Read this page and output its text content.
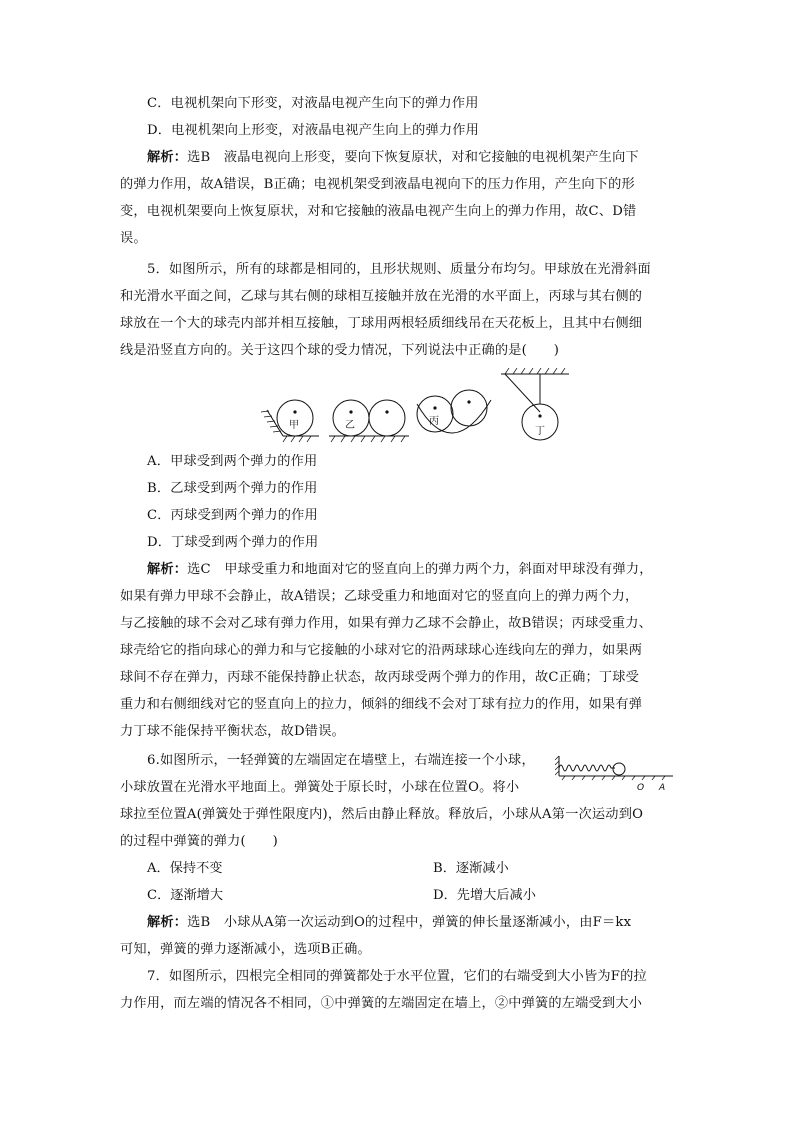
C．电视机架向下形变，对液晶电视产生向下的弹力作用
D．电视机架向上形变，对液晶电视产生向上的弹力作用
解析：选B　液晶电视向上形变，要向下恢复原状，对和它接触的电视机架产生向下
的弹力作用，故A错误，B正确；电视机架受到液晶电视向下的压力作用，产生向下的形
变，电视机架要向上恢复原状，对和它接触的液晶电视产生向上的弹力作用，故C、D错
误。
5．如图所示，所有的球都是相同的，且形状规则、质量分布均匀。甲球放在光滑斜面
和光滑水平面之间，乙球与其右侧的球相互接触并放在光滑的水平面上，丙球与其右侧的
球放在一个大的球壳内部并相互接触，丁球用两根轻质细线吊在天花板上，且其中右侧细
线是沿竖直方向的。关于这四个球的受力情况，下列说法中正确的是(　　)
甲	乙	丙
丁
A．甲球受到两个弹力的作用
B．乙球受到两个弹力的作用
C．丙球受到两个弹力的作用
D．丁球受到两个弹力的作用
解析：选C　甲球受重力和地面对它的竖直向上的弹力两个力，斜面对甲球没有弹力，
如果有弹力甲球不会静止，故A错误；乙球受重力和地面对它的竖直向上的弹力两个力，
与乙接触的球不会对乙球有弹力作用，如果有弹力乙球不会静止，故B错误；丙球受重力、
球壳给它的指向球心的弹力和与它接触的小球对它的沿两球球心连线向左的弹力，如果两
球间不存在弹力，丙球不能保持静止状态，故丙球受两个弹力的作用，故C正确；丁球受
重力和右侧细线对它的竖直向上的拉力，倾斜的细线不会对丁球有拉力的作用，如果有弹
力丁球不能保持平衡状态，故D错误。
6.如图所示，一轻弹簧的左端固定在墙壁上，右端连接一个小球，
小球放置在光滑水平地面上。弹簧处于原长时，小球在位置O。将小
球拉至位置A(弹簧处于弹性限度内)，然后由静止释放。释放后，小球从A第一次运动到O
的过程中弹簧的弹力(　　)
O A
A．保持不变	B．逐渐减小
C．逐渐增大	D．先增大后减小
解析：选B　小球从A第一次运动到O的过程中，弹簧的伸长量逐渐减小，由F＝kx
可知，弹簧的弹力逐渐减小，选项B正确。
7．如图所示，四根完全相同的弹簧都处于水平位置，它们的右端受到大小皆为F的拉
力作用，而左端的情况各不相同，①中弹簧的左端固定在墙上，②中弹簧的左端受到大小
